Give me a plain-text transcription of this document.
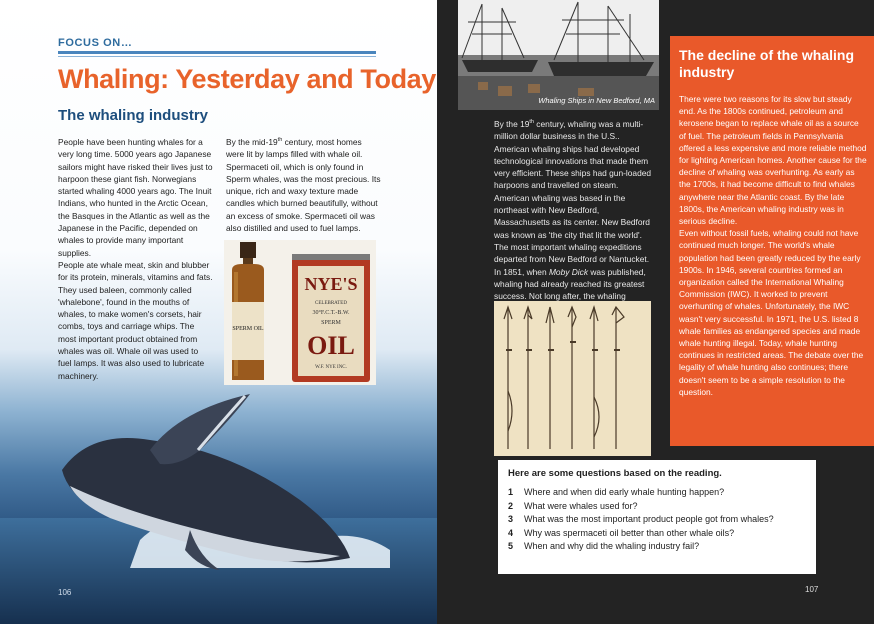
FOCUS ON…
Whaling: Yesterday and Today
The whaling industry

People have been hunting whales for a very long time. 5000 years ago Japanese sailors might have risked their lives just to harpoon these giant fish. Norwegians started whaling 4000 years ago. The Inuit Indians, who hunted in the Arctic Ocean, the Basques in the Atlantic as well as the Japanese in the Pacific, depended on whales to provide many important supplies.

People ate whale meat, skin and blubber for its protein, minerals, vitamins and fats. They used baleen, commonly called 'whalebone', found in the mouths of whales, to make women's corsets, hair combs, toys and carriage whips. The most important product obtained from whales was oil. Whale oil was used to fuel lamps. It was also used to lubricate machinery.

By the mid-19th century, most homes were lit by lamps filled with whale oil. Spermaceti oil, which is only found in Sperm whales, was the most precious. Its unique, rich and waxy texture made candles which burned beautifully, without an excess of smoke. Spermaceti oil was also distilled and used to fuel lamps.

SPERM OIL
NYE'S
CELEBRATED
30°F.C.T.-B.W.
SPERM
OIL
W.F. NYE INC.
106
Whaling Ships in New Bedford, MA

By the 19th century, whaling was a multi-million dollar business in the U.S.. American whaling ships had developed technological innovations that made them very efficient. These ships had gun-loaded harpoons and travelled on steam. American whaling was based in the northeast with New Bedford, Massachusetts as its center. New Bedford was known as 'the city that lit the world'. The most important whaling expeditions departed from New Bedford or Nantucket. In 1851, when Moby Dick was published, whaling had already reached its greatest success. Not long after, the whaling

The decline of the whaling industry

There were two reasons for its slow but steady end. As the 1800s continued, petroleum and kerosene began to replace whale oil as a source of fuel. The petroleum fields in Pennsylvania offered a less expensive and more reliable method for lighting American homes. Another cause for the decline of whaling was overhunting. As early as the 1700s, it had become difficult to find whales anywhere near the Atlantic coast. By the late 1800s, the American whaling industry was in serious decline.

Even without fossil fuels, whaling could not have continued much longer. The world's whale population had been greatly reduced by the early 1900s. In 1946, several countries formed an organization called the International Whaling Commission (IWC). It worked to prevent overhunting of whales. Unfortunately, the IWC wasn't very successful. In 1971, the U.S. listed 8 whale families as endangered species and made whale hunting illegal. Today, whale hunting continues in restricted areas. The debate over the legality of whale hunting also continues; there doesn't seem to be a simple resolution to the question.

Here are some questions based on the reading.
1	Where and when did early whale hunting happen?
2	What were whales used for?
3	What was the most important product people got from whales?
4	Why was spermaceti oil better than other whale oils?
5	When and why did the whaling industry fail?
107
